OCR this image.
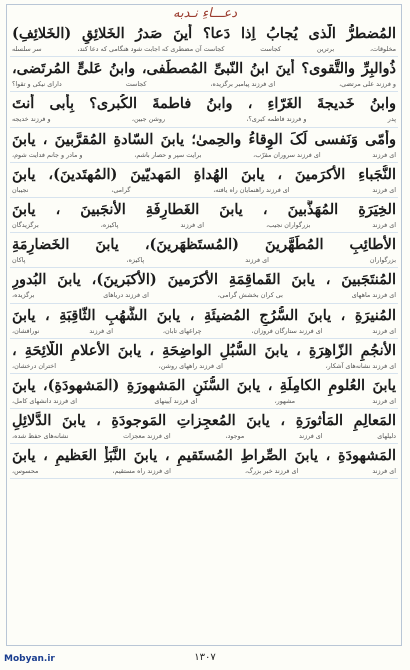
دعـــاءِ نـدبه
المُضطرُّ الّذی یُجابُ اِذا دَعا؟ أَینَ صَدرُ الخَلائِقِ (الخَلائِفِ)
مخلوقات،
برترین
کجاست
کجاست آن مضطری که اجابت شود هنگامی که دعا کند،
سر سلسله
ذُوالبِرِّ والتَّقوی؟ أَینَ ابنُ النّبیِّ المُصطَفی، وابنُ عَلیٍّ المُرتَضی،
و فرزند علی مرتضی،
ای فرزند پیامبر برگزیده،
کجاست
دارای نیکی و تقوا؟
وابنُ خَدیجةَ الغَرّاءِ ، وابنُ فاطمةَ الکُبری؟ بِأبی أنتَ
پدر
و فرزند فاطمه کبری؟،
روشن جبین،
و فرزند خدیجه
وأُمّی وَنَفسی لَکَ الوِقاءُ والحِمیٰ؛ یابنَ السّادةِ المُقرَّبینَ ، یابنَ
ای فرزند
ای فرزند سروران مقرّب،
برایت سپر و حصار باشم،
و مادر و جانم فدایت شوم،
النُّجَباءِ الأکرَمینَ ، یابنَ الهُداةِ المَهدیّینَ (المُهتَدینَ)، یابنَ
ای فرزند
ای فرزند راهنمایان راه یافته،
گرامی،
نجیبان
الخِیَرَةِ المُهَذَّبینَ ، یابنَ الغَطارِفَةِ الأنجَبینَ ، یابنَ
ای فرزند
بزرگواران نجیب،
ای فرزند
پاکیزه،
برگزیدگان
الأطائِبِ المُطَهَّرینَ (المُستَظهَرینَ)، یابنَ الخَضارِمَةِ
بزرگواران
ای فرزند
پاکیزه،
پاکان
المُنتَجَبینَ ، یابنَ القَماقِمَةِ الأکرَمینَ (الأکبَرینَ)، یابنَ البُدورِ
ای فرزند ماههای
بی کران بخشش گرامی،
ای فرزند دریاهای
برگزیده،
المُنیرَةِ ، یابنَ السُّرُجِ المُضیئَةِ ، یابنَ الشُّهُبِ الثّاقِبَةِ ، یابنَ
ای فرزند
ای فرزند ستارگان فروزان،
چراغهای تابان،
ای فرزند
نورافشان،
الأنجُمِ الزّاهِرَةِ ، یابنَ السُّبُلِ الواضِحَةِ ، یابنَ الأعلامِ اللّائِحَةِ ،
ای فرزند نشانه‌های آشکار،
ای فرزند راههای روشن،
اختران درخشان،
یابنَ العُلومِ الکامِلَةِ ، یابنَ السُّنَنِ المَشهورَةِ (المَشهودَةِ)، یابنَ
ای فرزند
مشهور،
ای فرزند آیینهای
ای فرزند دانشهای کامل،
المَعالِمِ المَأثورَةِ ، یابنَ المُعجِزاتِ المَوجودَةِ ، یابنَ الدَّلائِلِ
دلیلهای
ای فرزند
موجود،
ای فرزند معجزات
نشانه‌های حفظ شده،
المَشهودَةِ ، یابنَ الصِّراطِ المُستَقیمِ ، یابنَ النَّبَأِ العَظیمِ ، یابنَ
ای فرزند
ای فرزند خبر بزرگ،
ای فرزند راه مستقیم،
محسوس،
۱۳۰۷
Mobyan.ir
